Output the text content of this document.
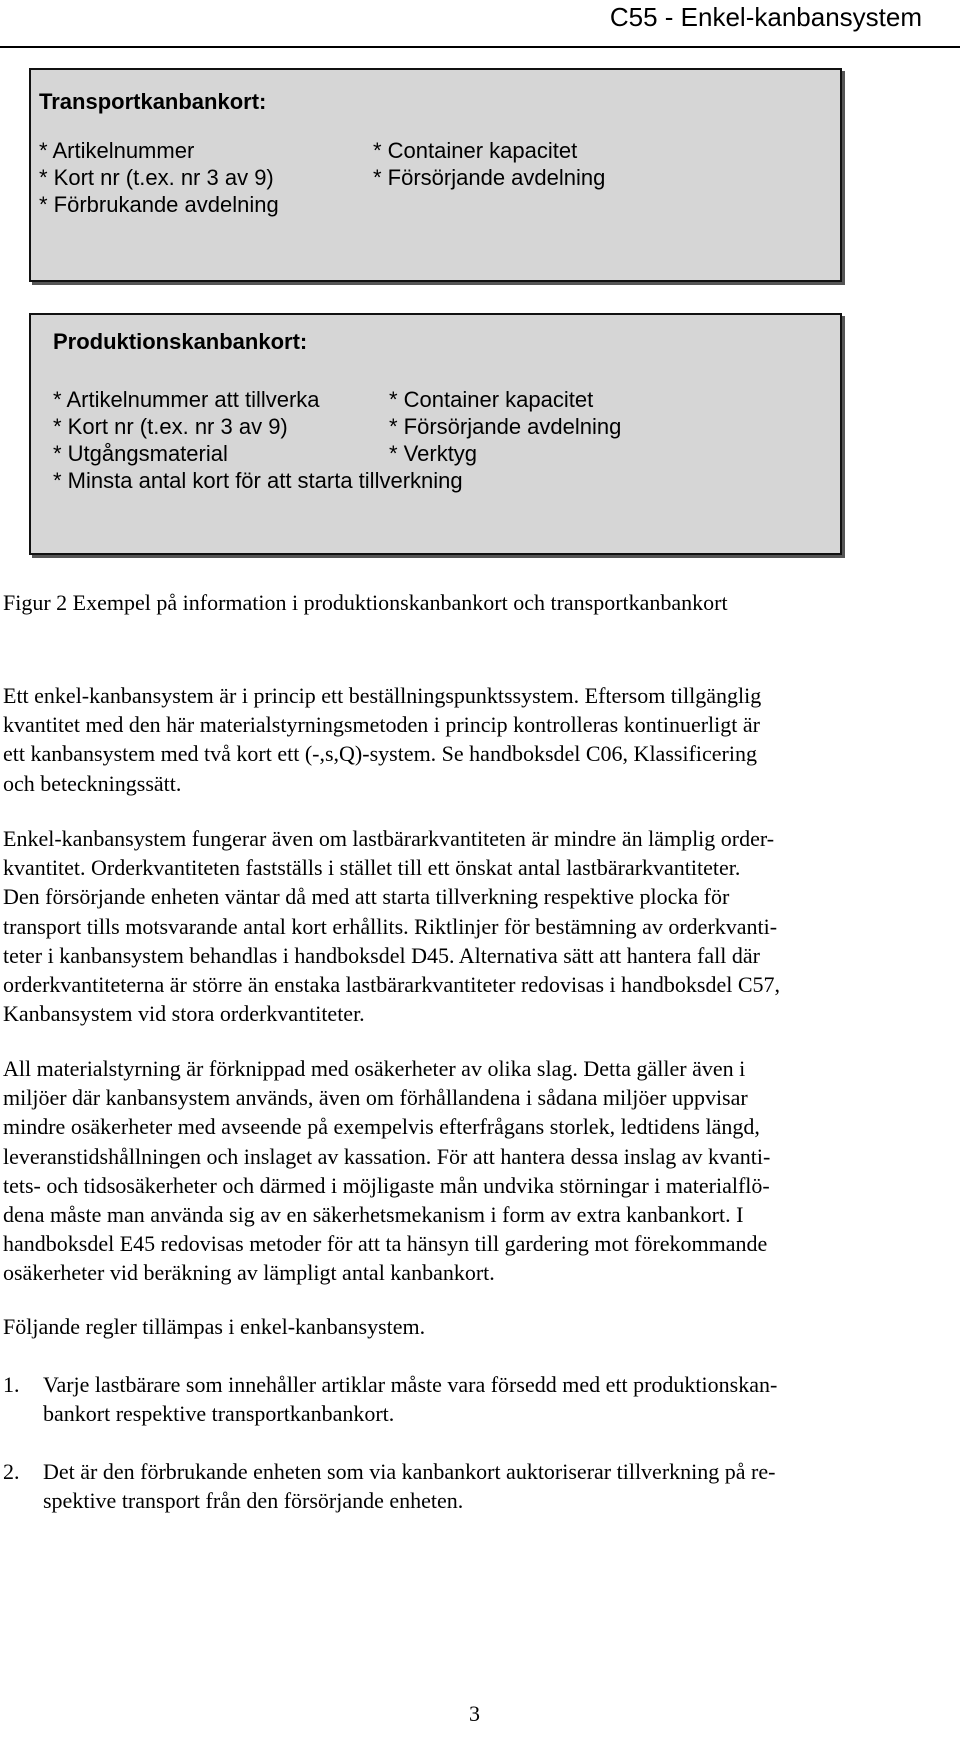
C55 - Enkel-kanbansystem
Transportkanbankort:
* Artikelnummer
* Kort nr (t.ex. nr 3 av 9)
* Förbrukande avdelning
* Container kapacitet
* Försörjande avdelning
Produktionskanbankort:
* Artikelnummer att tillverka
* Kort nr (t.ex. nr 3 av 9)
* Utgångsmaterial
* Minsta antal kort för att starta tillverkning
* Container kapacitet
* Försörjande avdelning
* Verktyg
Figur 2 Exempel på information i produktionskanbankort och transportkanbankort
Ett enkel-kanbansystem är i princip ett beställningspunktssystem. Eftersom tillgänglig
kvantitet med den här materialstyrningsmetoden i princip kontrolleras kontinuerligt är
ett kanbansystem med två kort ett (-,s,Q)-system. Se handboksdel C06, Klassificering
och beteckningssätt.
Enkel-kanbansystem fungerar även om lastbärarkvantiteten är mindre än lämplig order-
kvantitet. Orderkvantiteten fastställs i stället till ett önskat antal lastbärarkvantiteter.
Den försörjande enheten väntar då med att starta tillverkning respektive plocka för
transport tills motsvarande antal kort erhållits. Riktlinjer för bestämning av orderkvanti-
teter i kanbansystem behandlas i handboksdel D45. Alternativa sätt att hantera fall där
orderkvantiteterna är större än enstaka lastbärarkvantiteter redovisas i handboksdel C57,
Kanbansystem vid stora orderkvantiteter.
All materialstyrning är förknippad med osäkerheter av olika slag. Detta gäller även i
miljöer där kanbansystem används, även om förhållandena i sådana miljöer uppvisar
mindre osäkerheter med avseende på exempelvis efterfrågans storlek, ledtidens längd,
leveranstidshållningen och inslaget av kassation. För att hantera dessa inslag av kvanti-
tets- och tidsosäkerheter och därmed i möjligaste mån undvika störningar i materialflö-
dena måste man använda sig av en säkerhetsmekanism i form av extra kanbankort. I
handboksdel E45 redovisas metoder för att ta hänsyn till gardering mot förekommande
osäkerheter vid beräkning av lämpligt antal kanbankort.
Följande regler tillämpas i enkel-kanbansystem.
1. Varje lastbärare som innehåller artiklar måste vara försedd med ett produktionskan-
bankort respektive transportkanbankort.
2. Det är den förbrukande enheten som via kanbankort auktoriserar tillverkning på re-
spektive transport från den försörjande enheten.
3
